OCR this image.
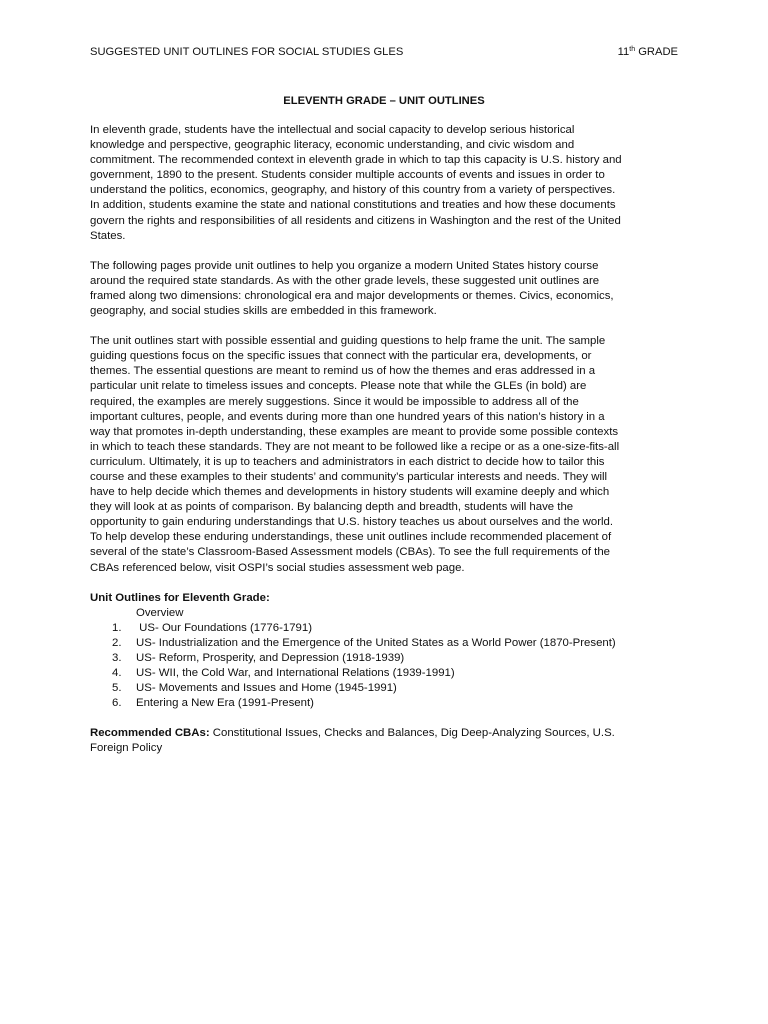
SUGGESTED UNIT OUTLINES FOR SOCIAL STUDIES GLES	11th GRADE
ELEVENTH GRADE – UNIT OUTLINES
In eleventh grade, students have the intellectual and social capacity to develop serious historical
knowledge and perspective, geographic literacy, economic understanding, and civic wisdom and
commitment. The recommended context in eleventh grade in which to tap this capacity is U.S. history and
government, 1890 to the present. Students consider multiple accounts of events and issues in order to
understand the politics, economics, geography, and history of this country from a variety of perspectives.
In addition, students examine the state and national constitutions and treaties and how these documents
govern the rights and responsibilities of all residents and citizens in Washington and the rest of the United
States.
The following pages provide unit outlines to help you organize a modern United States history course
around the required state standards. As with the other grade levels, these suggested unit outlines are
framed along two dimensions: chronological era and major developments or themes. Civics, economics,
geography, and social studies skills are embedded in this framework.
The unit outlines start with possible essential and guiding questions to help frame the unit. The sample
guiding questions focus on the specific issues that connect with the particular era, developments, or
themes. The essential questions are meant to remind us of how the themes and eras addressed in a
particular unit relate to timeless issues and concepts. Please note that while the GLEs (in bold) are
required, the examples are merely suggestions. Since it would be impossible to address all of the
important cultures, people, and events during more than one hundred years of this nation’s history in a
way that promotes in-depth understanding, these examples are meant to provide some possible contexts
in which to teach these standards. They are not meant to be followed like a recipe or as a one-size-fits-all
curriculum. Ultimately, it is up to teachers and administrators in each district to decide how to tailor this
course and these examples to their students’ and community’s particular interests and needs. They will
have to help decide which themes and developments in history students will examine deeply and which
they will look at as points of comparison. By balancing depth and breadth, students will have the
opportunity to gain enduring understandings that U.S. history teaches us about ourselves and the world.
To help develop these enduring understandings, these unit outlines include recommended placement of
several of the state’s Classroom-Based Assessment models (CBAs). To see the full requirements of the
CBAs referenced below, visit OSPI’s social studies assessment web page.
Unit Outlines for Eleventh Grade:
Overview
1. US- Our Foundations (1776-1791)
2. US- Industrialization and the Emergence of the United States as a World Power (1870-Present)
3. US- Reform, Prosperity, and Depression (1918-1939)
4. US- WII, the Cold War, and International Relations (1939-1991)
5. US- Movements and Issues and Home (1945-1991)
6. Entering a New Era (1991-Present)
Recommended CBAs: Constitutional Issues, Checks and Balances, Dig Deep-Analyzing Sources, U.S.
Foreign Policy
